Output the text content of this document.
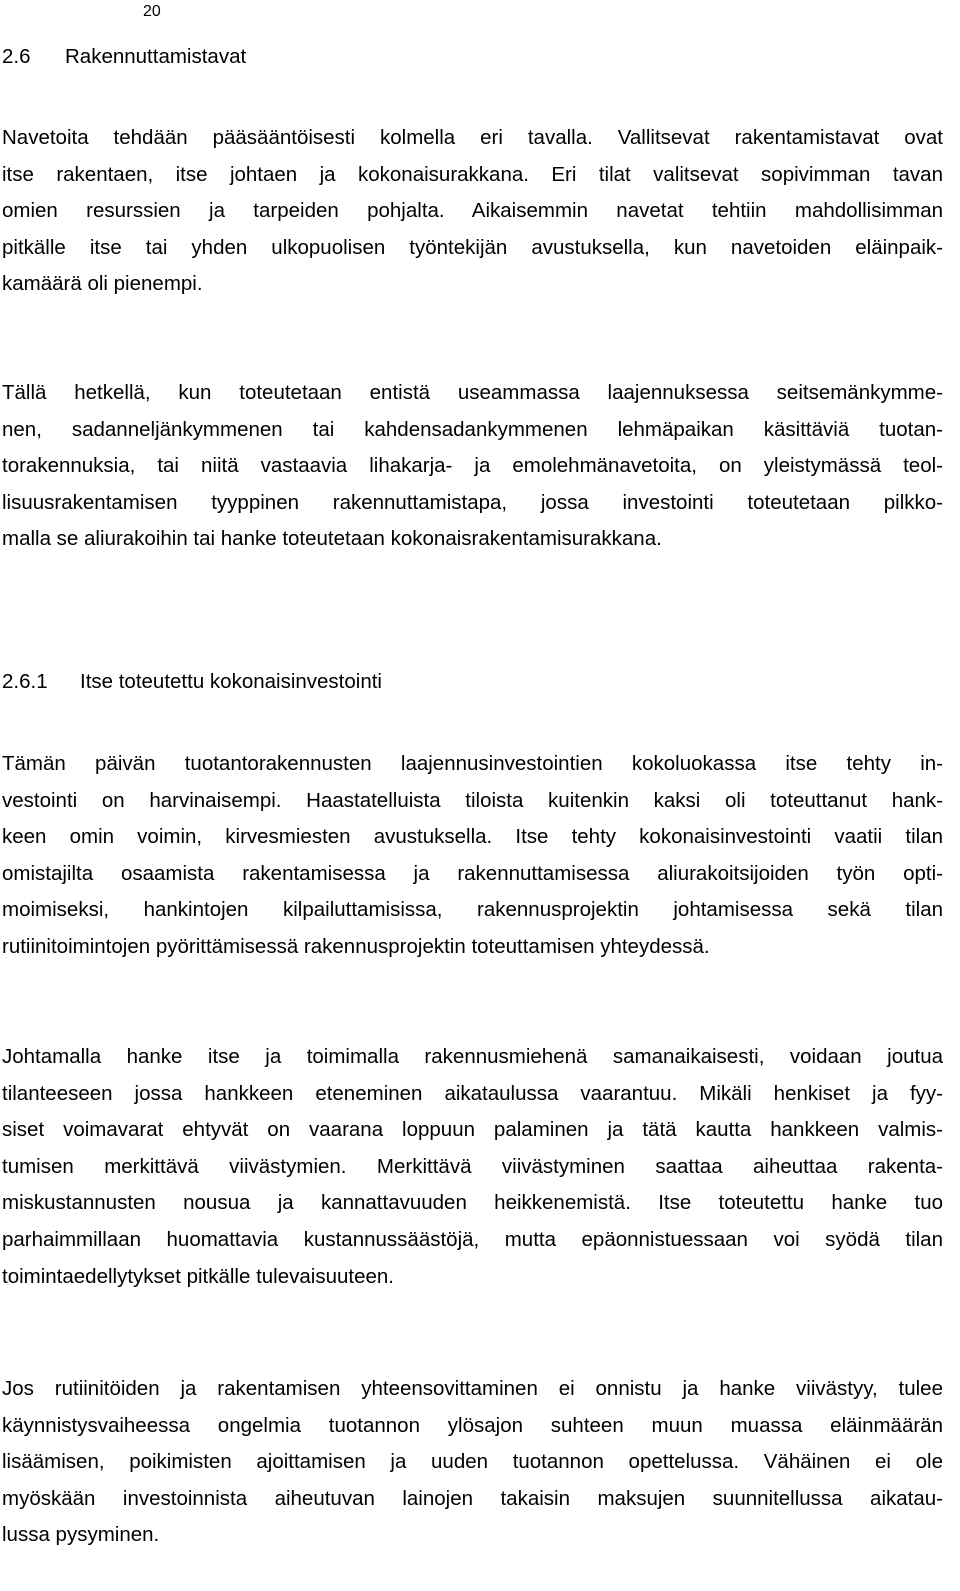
20
2.6 Rakennuttamistavat

Navetoita tehdään pääsääntöisesti kolmella eri tavalla. Vallitsevat rakentamistavat ovat
itse rakentaen, itse johtaen ja kokonaisurakkana. Eri tilat valitsevat sopivimman tavan
omien resurssien ja tarpeiden pohjalta. Aikaisemmin navetat tehtiin mahdollisimman
pitkälle itse tai yhden ulkopuolisen työntekijän avustuksella, kun navetoiden eläinpaik-
kamäärä oli pienempi.

Tällä hetkellä, kun toteutetaan entistä useammassa laajennuksessa seitsemänkymme-
nen, sadanneljänkymmenen tai kahdensadankymmenen lehmäpaikan käsittäviä tuotan-
torakennuksia, tai niitä vastaavia lihakarja- ja emolehmänavetoita, on yleistymässä teol-
lisuusrakentamisen tyyppinen rakennuttamistapa, jossa investointi toteutetaan pilkko-
malla se aliurakoihin tai hanke toteutetaan kokonaisrakentamisurakkana.

2.6.1 Itse toteutettu kokonaisinvestointi

Tämän päivän tuotantorakennusten laajennusinvestointien kokoluokassa itse tehty in-
vestointi on harvinaisempi. Haastatelluista tiloista kuitenkin kaksi oli toteuttanut hank-
keen omin voimin, kirvesmiesten avustuksella. Itse tehty kokonaisinvestointi vaatii tilan
omistajilta osaamista rakentamisessa ja rakennuttamisessa aliurakoitsijoiden työn opti-
moimiseksi, hankintojen kilpailuttamisissa, rakennusprojektin johtamisessa sekä tilan
rutiinitoimintojen pyörittämisessä rakennusprojektin toteuttamisen yhteydessä.

Johtamalla hanke itse ja toimimalla rakennusmiehenä samanaikaisesti, voidaan joutua
tilanteeseen jossa hankkeen eteneminen aikataulussa vaarantuu. Mikäli henkiset ja fyy-
siset voimavarat ehtyvät on vaarana loppuun palaminen ja tätä kautta hankkeen valmis-
tumisen merkittävä viivästymien. Merkittävä viivästyminen saattaa aiheuttaa rakenta-
miskustannusten nousua ja kannattavuuden heikkenemistä. Itse toteutettu hanke tuo
parhaimmillaan huomattavia kustannussäästöjä, mutta epäonnistuessaan voi syödä tilan
toimintaedellytykset pitkälle tulevaisuuteen.

Jos rutiinitöiden ja rakentamisen yhteensovittaminen ei onnistu ja hanke viivästyy, tulee
käynnistysvaiheessa ongelmia tuotannon ylösajon suhteen muun muassa eläinmäärän
lisäämisen, poikimisten ajoittamisen ja uuden tuotannon opettelussa. Vähäinen ei ole
myöskään investoinnista aiheutuvan lainojen takaisin maksujen suunnitellussa aikatau-
lussa pysyminen.
